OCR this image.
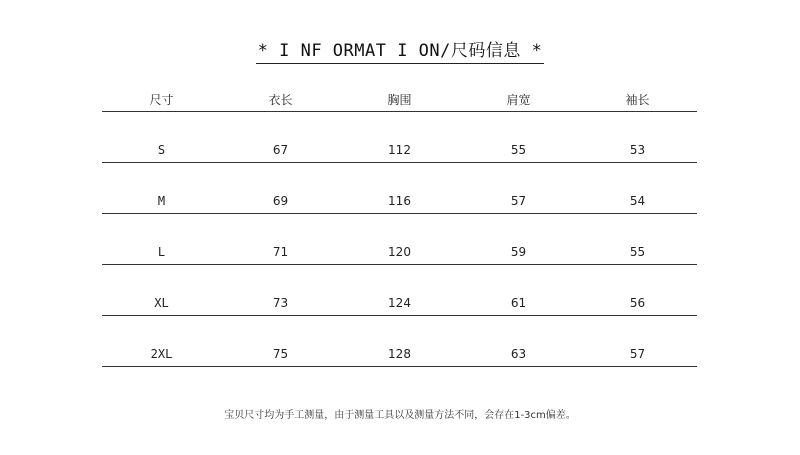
* I NF ORMAT I ON/尺码信息 *
尺寸	衣长	胸围	肩宽	袖长
S	67	112	55	53
M	69	116	57	54
L	71	120	59	55
XL	73	124	61	56
2XL	75	128	63	57
宝贝尺寸均为手工测量，由于测量工具以及测量方法不同，会存在1-3cm偏差。
